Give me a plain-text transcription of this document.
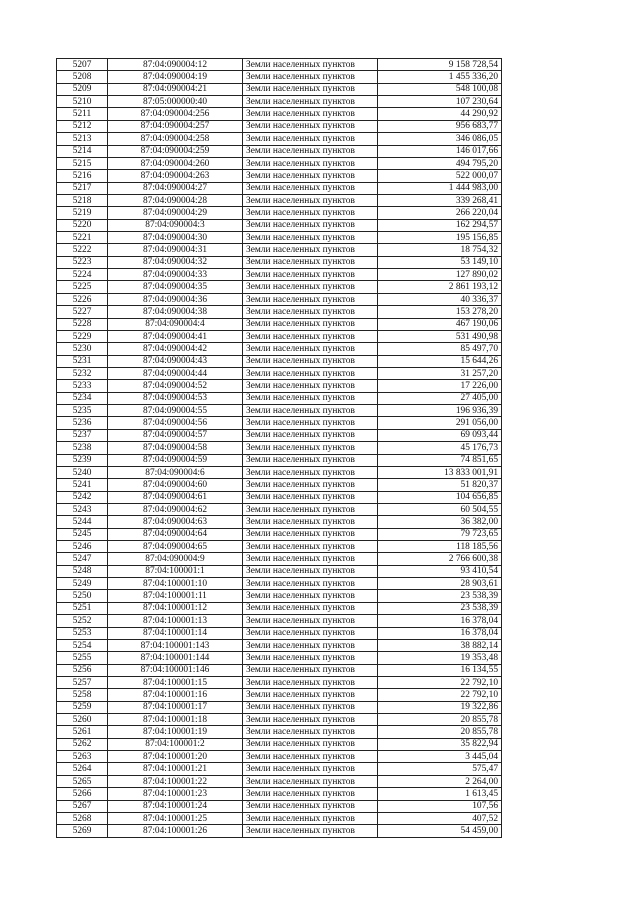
5207	87:04:090004:12	Земли населенных пунктов	9 158 728,54
5208	87:04:090004:19	Земли населенных пунктов	1 455 336,20
5209	87:04:090004:21	Земли населенных пунктов	548 100,08
5210	87:05:000000:40	Земли населенных пунктов	107 230,64
5211	87:04:090004:256	Земли населенных пунктов	44 290,92
5212	87:04:090004:257	Земли населенных пунктов	956 683,77
5213	87:04:090004:258	Земли населенных пунктов	346 086,05
5214	87:04:090004:259	Земли населенных пунктов	146 017,66
5215	87:04:090004:260	Земли населенных пунктов	494 795,20
5216	87:04:090004:263	Земли населенных пунктов	522 000,07
5217	87:04:090004:27	Земли населенных пунктов	1 444 983,00
5218	87:04:090004:28	Земли населенных пунктов	339 268,41
5219	87:04:090004:29	Земли населенных пунктов	266 220,04
5220	87:04:090004:3	Земли населенных пунктов	162 294,57
5221	87:04:090004:30	Земли населенных пунктов	195 156,85
5222	87:04:090004:31	Земли населенных пунктов	18 754,32
5223	87:04:090004:32	Земли населенных пунктов	53 149,10
5224	87:04:090004:33	Земли населенных пунктов	127 890,02
5225	87:04:090004:35	Земли населенных пунктов	2 861 193,12
5226	87:04:090004:36	Земли населенных пунктов	40 336,37
5227	87:04:090004:38	Земли населенных пунктов	153 278,20
5228	87:04:090004:4	Земли населенных пунктов	467 190,06
5229	87:04:090004:41	Земли населенных пунктов	531 490,98
5230	87:04:090004:42	Земли населенных пунктов	85 497,70
5231	87:04:090004:43	Земли населенных пунктов	15 644,26
5232	87:04:090004:44	Земли населенных пунктов	31 257,20
5233	87:04:090004:52	Земли населенных пунктов	17 226,00
5234	87:04:090004:53	Земли населенных пунктов	27 405,00
5235	87:04:090004:55	Земли населенных пунктов	196 936,39
5236	87:04:090004:56	Земли населенных пунктов	291 056,00
5237	87:04:090004:57	Земли населенных пунктов	69 093,44
5238	87:04:090004:58	Земли населенных пунктов	45 176,73
5239	87:04:090004:59	Земли населенных пунктов	74 851,65
5240	87:04:090004:6	Земли населенных пунктов	13 833 001,91
5241	87:04:090004:60	Земли населенных пунктов	51 820,37
5242	87:04:090004:61	Земли населенных пунктов	104 656,85
5243	87:04:090004:62	Земли населенных пунктов	60 504,55
5244	87:04:090004:63	Земли населенных пунктов	36 382,00
5245	87:04:090004:64	Земли населенных пунктов	79 723,65
5246	87:04:090004:65	Земли населенных пунктов	118 185,56
5247	87:04:090004:9	Земли населенных пунктов	2 766 600,38
5248	87:04:100001:1	Земли населенных пунктов	93 410,54
5249	87:04:100001:10	Земли населенных пунктов	28 903,61
5250	87:04:100001:11	Земли населенных пунктов	23 538,39
5251	87:04:100001:12	Земли населенных пунктов	23 538,39
5252	87:04:100001:13	Земли населенных пунктов	16 378,04
5253	87:04:100001:14	Земли населенных пунктов	16 378,04
5254	87:04:100001:143	Земли населенных пунктов	38 882,14
5255	87:04:100001:144	Земли населенных пунктов	19 353,48
5256	87:04:100001:146	Земли населенных пунктов	16 134,55
5257	87:04:100001:15	Земли населенных пунктов	22 792,10
5258	87:04:100001:16	Земли населенных пунктов	22 792,10
5259	87:04:100001:17	Земли населенных пунктов	19 322,86
5260	87:04:100001:18	Земли населенных пунктов	20 855,78
5261	87:04:100001:19	Земли населенных пунктов	20 855,78
5262	87:04:100001:2	Земли населенных пунктов	35 822,94
5263	87:04:100001:20	Земли населенных пунктов	3 445,04
5264	87:04:100001:21	Земли населенных пунктов	575,47
5265	87:04:100001:22	Земли населенных пунктов	2 264,00
5266	87:04:100001:23	Земли населенных пунктов	1 613,45
5267	87:04:100001:24	Земли населенных пунктов	107,56
5268	87:04:100001:25	Земли населенных пунктов	407,52
5269	87:04:100001:26	Земли населенных пунктов	54 459,00
